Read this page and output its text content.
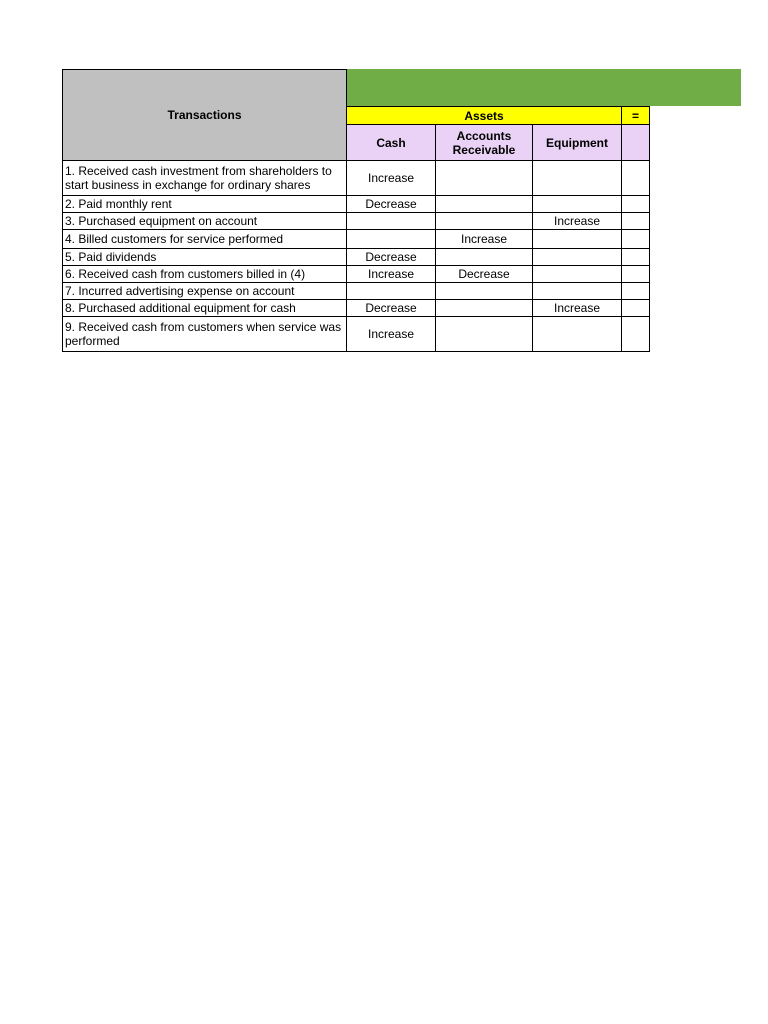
Transactions				
	Assets			=
	Cash	Accounts Receivable	Equipment	
1. Received cash investment from shareholders to start business in exchange for ordinary shares	Increase			
2. Paid monthly rent	Decrease			
3. Purchased equipment on account			Increase	
4. Billed customers for service performed		Increase		
5. Paid dividends	Decrease			
6. Received cash from customers billed in (4)	Increase	Decrease		
7. Incurred advertising expense on account				
8. Purchased additional equipment for cash	Decrease		Increase	
9. Received cash from customers when service was performed	Increase			
